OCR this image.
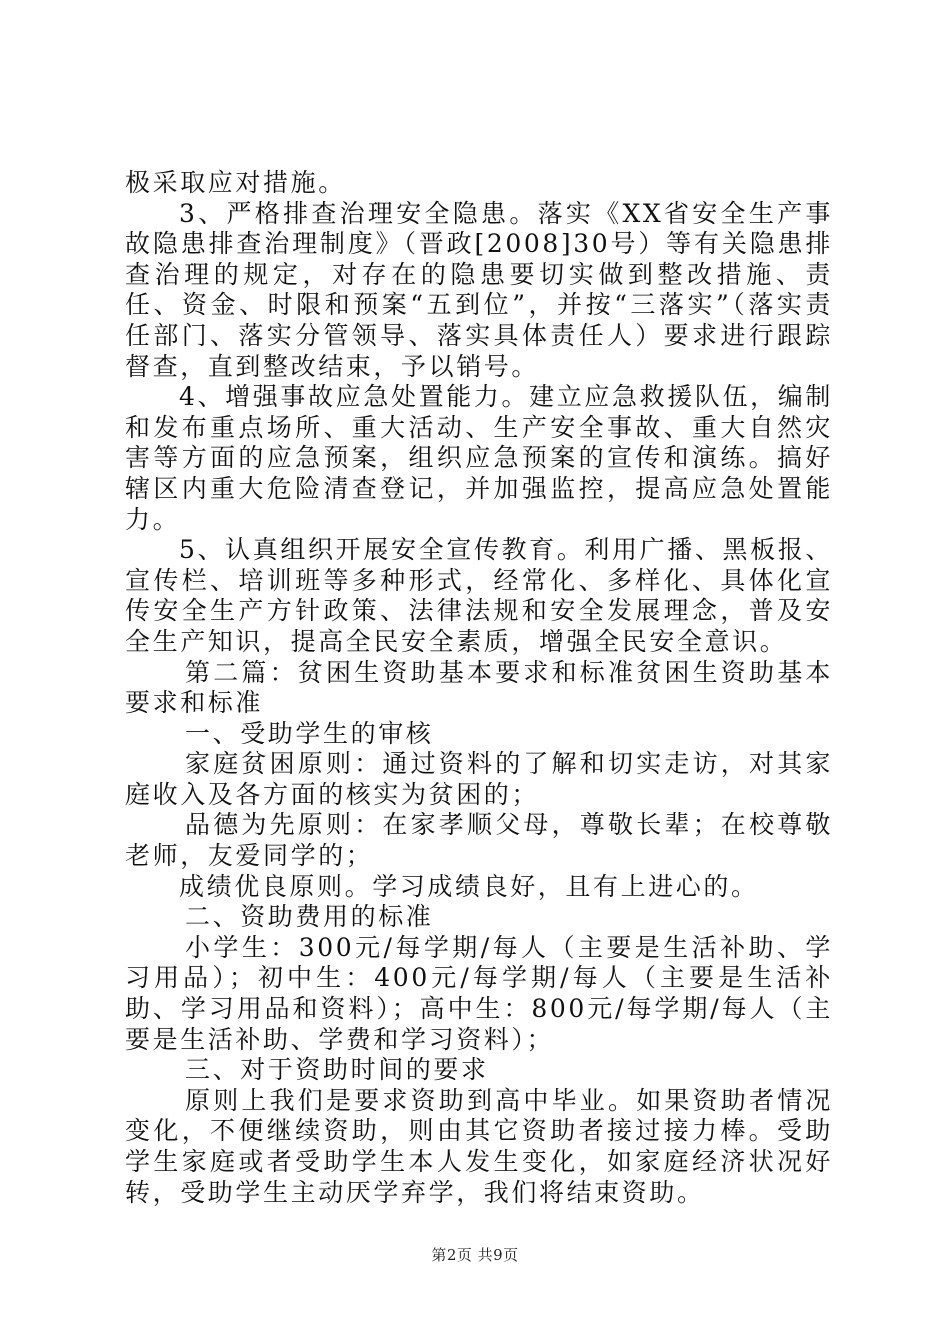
极采取应对措施。

3、严格排查治理安全隐患。落实《XX省安全生产事故隐患排查治理制度》（晋政[2008]30号）等有关隐患排查治理的规定，对存在的隐患要切实做到整改措施、责任、资金、时限和预案“五到位”，并按“三落实”（落实责任部门、落实分管领导、落实具体责任人）要求进行跟踪督查，直到整改结束，予以销号。

4、增强事故应急处置能力。建立应急救援队伍，编制和发布重点场所、重大活动、生产安全事故、重大自然灾害等方面的应急预案，组织应急预案的宣传和演练。搞好辖区内重大危险清查登记，并加强监控，提高应急处置能力。

5、认真组织开展安全宣传教育。利用广播、黑板报、宣传栏、培训班等多种形式，经常化、多样化、具体化宣传安全生产方针政策、法律法规和安全发展理念，普及安全生产知识，提高全民安全素质，增强全民安全意识。

第二篇：贫困生资助基本要求和标准贫困生资助基本要求和标准

一、受助学生的审核

家庭贫困原则：通过资料的了解和切实走访，对其家庭收入及各方面的核实为贫困的；

品德为先原则：在家孝顺父母，尊敬长辈；在校尊敬老师，友爱同学的；

成绩优良原则。学习成绩良好，且有上进心的。

二、资助费用的标准

小学生：300元/每学期/每人（主要是生活补助、学习用品）；初中生：400元/每学期/每人（主要是生活补助、学习用品和资料）；高中生：800元/每学期/每人（主要是生活补助、学费和学习资料）；

三、对于资助时间的要求

原则上我们是要求资助到高中毕业。如果资助者情况变化，不便继续资助，则由其它资助者接过接力棒。受助学生家庭或者受助学生本人发生变化，如家庭经济状况好转，受助学生主动厌学弃学，我们将结束资助。

第2页 共9页
